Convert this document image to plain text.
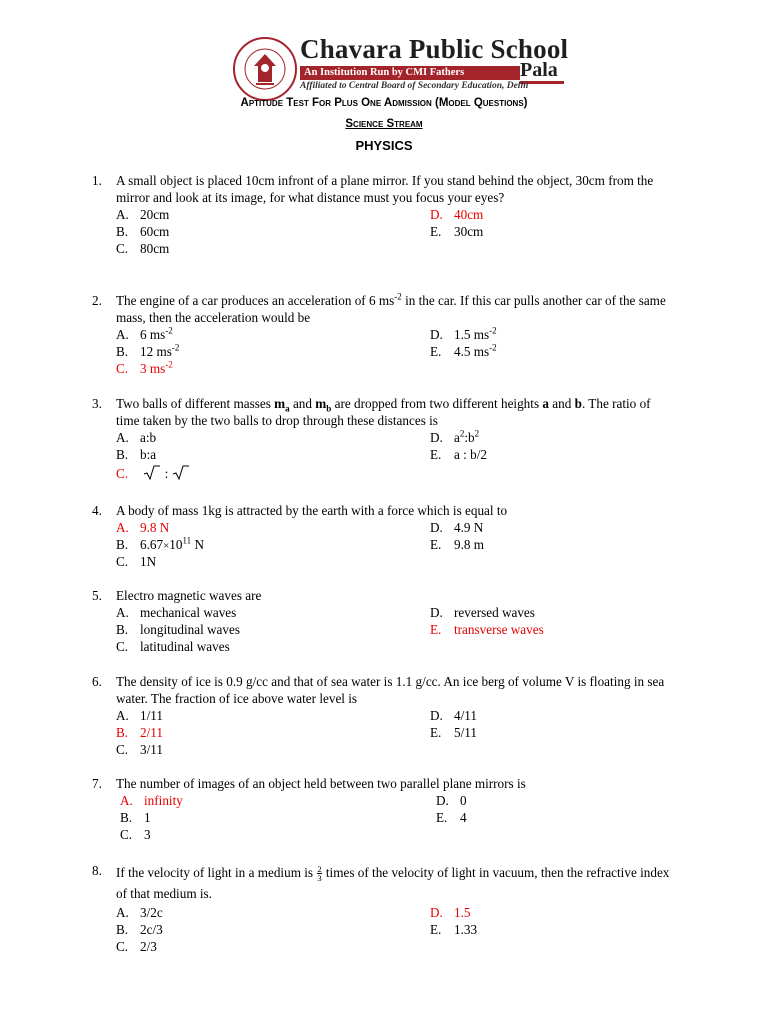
Chavara Public School
An Institution Run by CMI Fathers	Pala
Affiliated to Central Board of Secondary Education, Delhi
Aptitude Test For Plus One Admission (Model Questions)
Science Stream
PHYSICS
1.	A small object is placed 10cm infront of a plane mirror. If you stand behind the object, 30cm from the mirror and look at its image, for what distance must you focus your eyes?
A. 20cm
B. 60cm
C. 80cm
D. 40cm
E. 30cm
2.	The engine of a car produces an acceleration of 6 $ms^{-2}$ in the car. If this car pulls another car of the same mass, then the acceleration would be
A. 6 $ms^{-2}$
B. 12 $ms^{-2}$
C. 3 $ms^{-2}$
D. 1.5 $ms^{-2}$
E. 4.5 $ms^{-2}$
3.	Two balls of different masses $m_a$ and $m_b$ are dropped from two different heights a and b. The ratio of time taken by the two balls to drop through these distances is
A. a:b
B. b:a
C.	:
D. $a^2:b^2$
E. a : b/2
4.	A body of mass 1kg is attracted by the earth with a force which is equal to
A. 9.8 N
B. $6.67\times 10^{11}$ N
C. 1N
D. 4.9 N
E. 9.8 m
5.	Electro magnetic waves are
A. mechanical waves
B. longitudinal waves
C. latitudinal waves
D. reversed waves
E. transverse waves
6.	The density of ice is 0.9 g/cc and that of sea water is 1.1 g/cc. An ice berg of volume V is floating in sea water. The fraction of ice above water level is
A. 1/11
B. 2/11
C. 3/11
D. 4/11
E. 5/11
7.	The number of images of an object held between two parallel plane mirrors is
A. infinity
B. 1
C. 3
D. 0
E. 4
8.	If the velocity of light in a medium is $\frac{2}{3}$ times of the velocity of light in vacuum, then the refractive index of that medium is.
A. 3/2c
B. 2c/3
C. 2/3
D. 1.5
E. 1.33
